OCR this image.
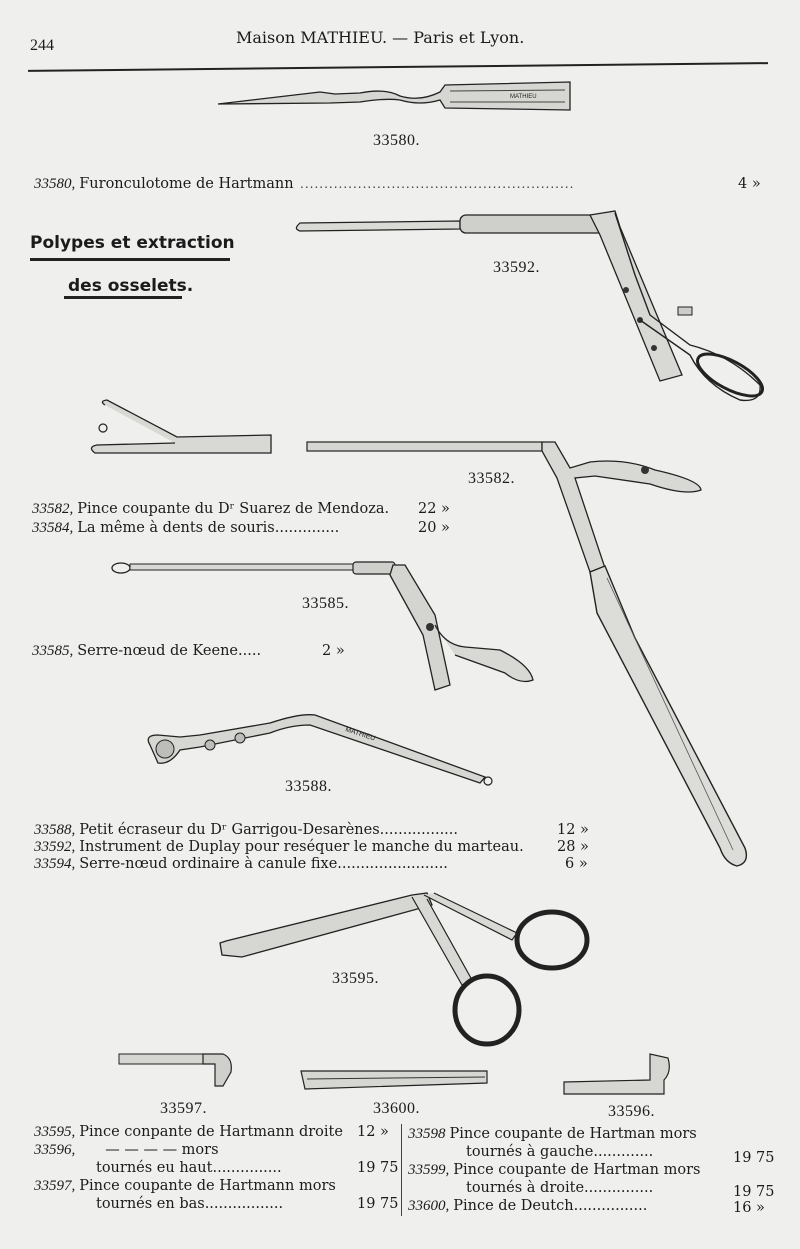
244	Maison MATHIEU. — Paris et Lyon.
MATHIEU
33580.
33580, Furonculotome de Hartmann .........................................................	4 »
33592.
Polypes et extraction
des osselets.
33582.
33582, Pince coupante du Dʳ Suarez de Mendoza. 22 »
33584, La même à dents de souris..............	20 »
33585.
33585, Serre-nœud de Keene.....	2 »
MATHIEU
33588.
33588, Petit écraseur du Dʳ Garrigou-Desarènes.................	12 »
33592, Instrument de Duplay pour reséquer le manche du marteau. 28 »
33594, Serre-nœud ordinaire à canule fixe........................	6 »
33595.
33597.	33600.	33596.
33595, Pince conpante de Hartmann droite 12 »
33596, — — — — mors
tournés eu haut...............	19 75
33597, Pince coupante de Hartmann mors
tournés en bas.................	19 75
33598 Pince coupante de Hartman mors
tournés à gauche.............	19 75
33599, Pince coupante de Hartman mors
tournés à droite...............	19 75
33600, Pince de Deutch................	16 »
